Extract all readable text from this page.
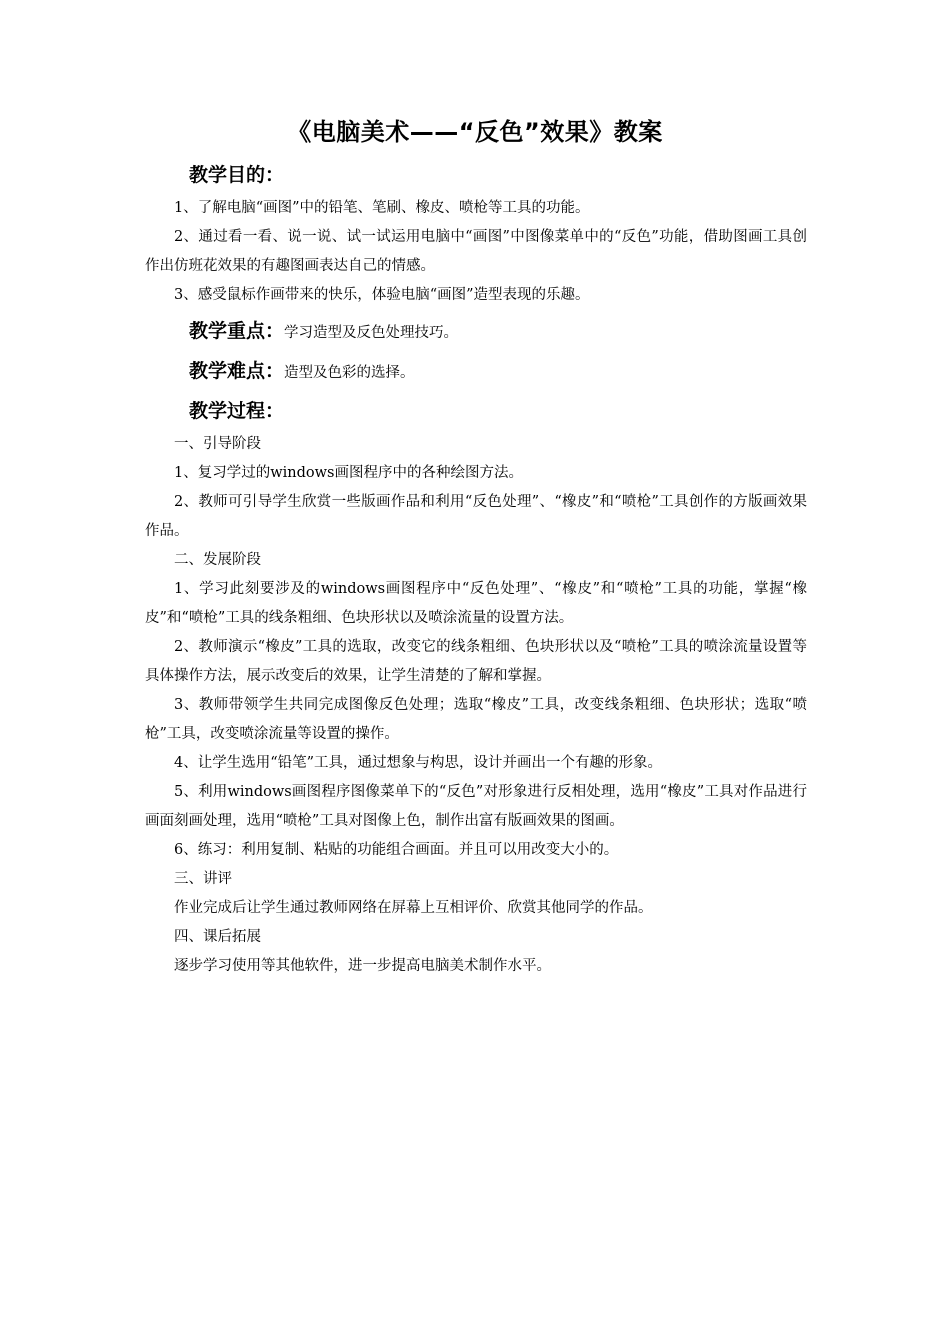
《电脑美术——“反色”效果》教案
教学目的：

1、了解电脑“画图”中的铅笔、笔刷、橡皮、喷枪等工具的功能。

2、通过看一看、说一说、试一试运用电脑中“画图”中图像菜单中的“反色”功能，借助图画工具创作出仿班花效果的有趣图画表达自己的情感。

3、感受鼠标作画带来的快乐，体验电脑“画图”造型表现的乐趣。

教学重点：学习造型及反色处理技巧。
教学难点：造型及色彩的选择。
教学过程：

一、引导阶段

1、复习学过的windows画图程序中的各种绘图方法。

2、教师可引导学生欣赏一些版画作品和利用“反色处理”、“橡皮”和“喷枪”工具创作的方版画效果作品。

二、发展阶段

1、学习此刻要涉及的windows画图程序中“反色处理”、“橡皮”和“喷枪”工具的功能，掌握“橡皮”和“喷枪”工具的线条粗细、色块形状以及喷涂流量的设置方法。

2、教师演示“橡皮”工具的选取，改变它的线条粗细、色块形状以及“喷枪”工具的喷涂流量设置等具体操作方法，展示改变后的效果，让学生清楚的了解和掌握。

3、教师带领学生共同完成图像反色处理；选取“橡皮”工具，改变线条粗细、色块形状；选取“喷枪”工具，改变喷涂流量等设置的操作。

4、让学生选用“铅笔”工具，通过想象与构思，设计并画出一个有趣的形象。

5、利用windows画图程序图像菜单下的“反色”对形象进行反相处理，选用“橡皮”工具对作品进行画面刻画处理，选用“喷枪”工具对图像上色，制作出富有版画效果的图画。

6、练习：利用复制、粘贴的功能组合画面。并且可以用改变大小的。

三、讲评

作业完成后让学生通过教师网络在屏幕上互相评价、欣赏其他同学的作品。

四、课后拓展

逐步学习使用等其他软件，进一步提高电脑美术制作水平。
